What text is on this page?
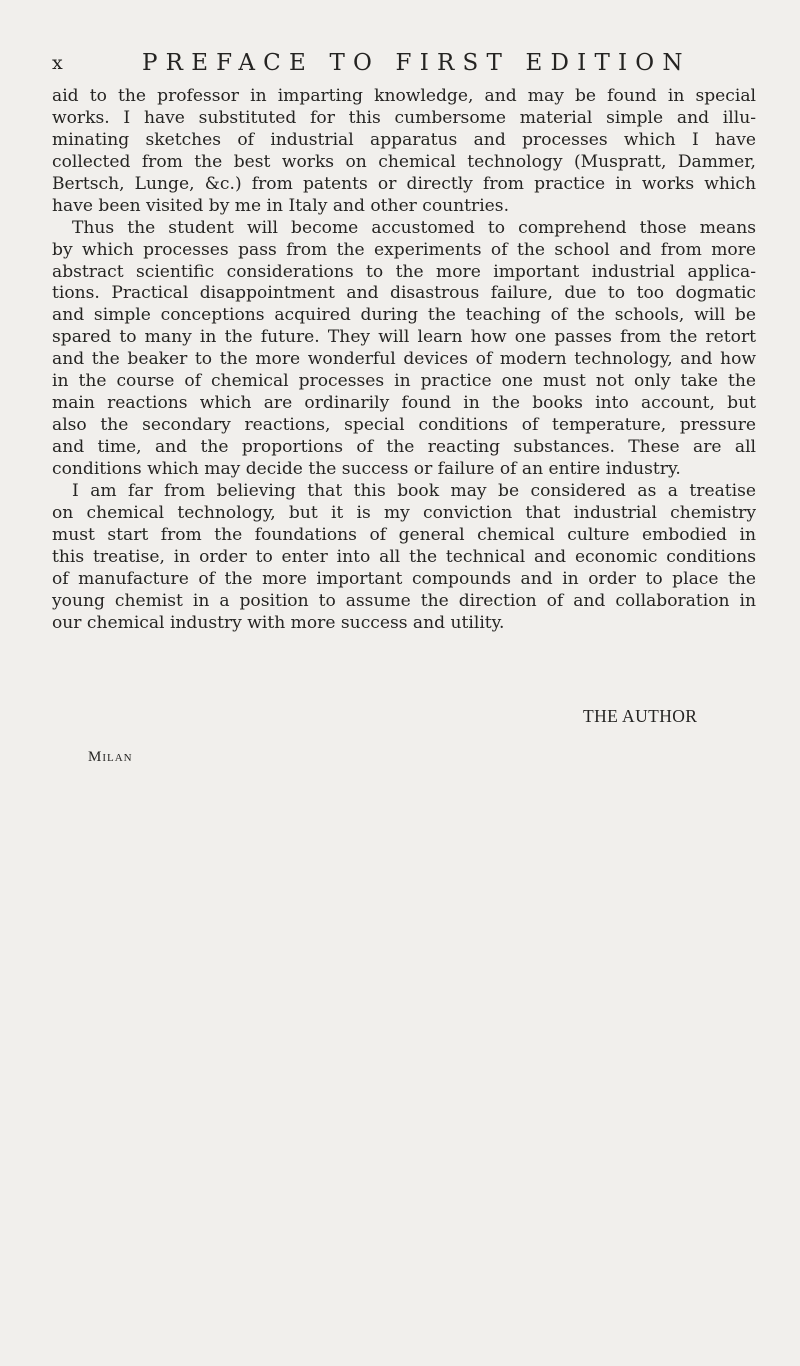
x	PREFACE TO FIRST EDITION
aid to the professor in imparting knowledge, and may be found in special
works. I have substituted for this cumbersome material simple and illu-
minating sketches of industrial apparatus and processes which I have
collected from the best works on chemical technology (Muspratt, Dammer,
Bertsch, Lunge, &c.) from patents or directly from practice in works which
have been visited by me in Italy and other countries.
Thus the student will become accustomed to comprehend those means
by which processes pass from the experiments of the school and from more
abstract scientific considerations to the more important industrial applica-
tions. Practical disappointment and disastrous failure, due to too dogmatic
and simple conceptions acquired during the teaching of the schools, will be
spared to many in the future. They will learn how one passes from the retort
and the beaker to the more wonderful devices of modern technology, and how
in the course of chemical processes in practice one must not only take the
main reactions which are ordinarily found in the books into account, but
also the secondary reactions, special conditions of temperature, pressure
and time, and the proportions of the reacting substances. These are all
conditions which may decide the success or failure of an entire industry.
I am far from believing that this book may be considered as a treatise
on chemical technology, but it is my conviction that industrial chemistry
must start from the foundations of general chemical culture embodied in
this treatise, in order to enter into all the technical and economic conditions
of manufacture of the more important compounds and in order to place the
young chemist in a position to assume the direction of and collaboration in
our chemical industry with more success and utility.
THE AUTHOR
Milan
